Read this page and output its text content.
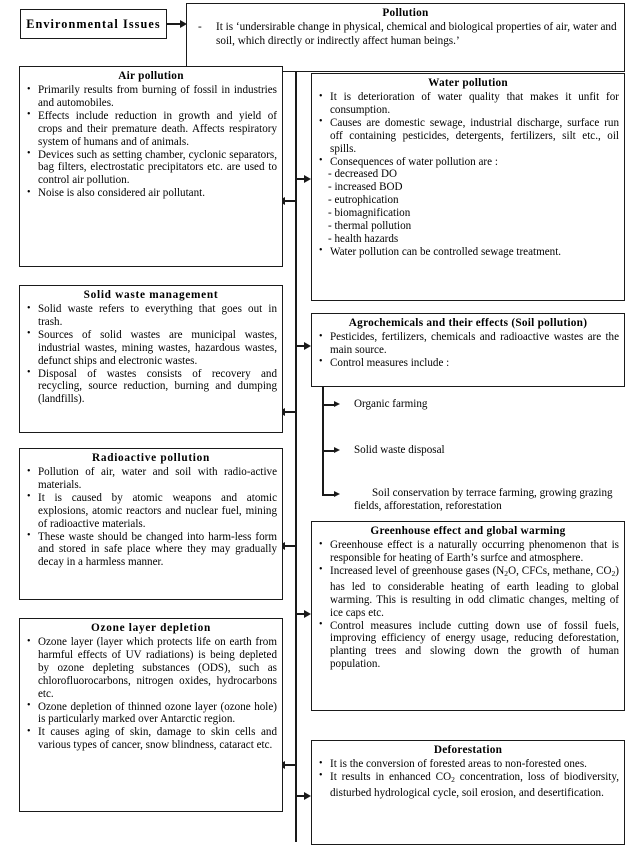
Environmental Issues
Pollution
- It is ‘undersirable change in physical, chemical and biological properties of air, water and soil, which directly or indirectly affect human beings.’
Air pollution
• Primarily results from burning of fossil in industries and automobiles.
• Effects include reduction in growth and yield of crops and their premature death. Affects respiratory system of humans and of animals.
• Devices such as setting chamber, cyclonic separators, bag filters, electrostatic precipitators etc. are used to control air pollution.
• Noise is also considered air pollutant.
Solid waste management
• Solid waste refers to everything that goes out in trash.
• Sources of solid wastes are municipal wastes, industrial wastes, mining wastes, hazardous wastes, defunct ships and electronic wastes.
• Disposal of wastes consists of recovery and recycling, source reduction, burning and dumping (landfills).
Radioactive pollution
• Pollution of air, water and soil with radio-active materials.
• It is caused by atomic weapons and atomic explosions, atomic reactors and nuclear fuel, mining of radioactive materials.
• These waste should be changed into harm-less form and stored in safe place where they may gradually decay in a harmless manner.
Ozone layer depletion
• Ozone layer (layer which protects life on earth from harmful effects of UV radiations) is being depleted by ozone depleting substances (ODS), such as chlorofluorocarbons, nitrogen oxides, hydrocarbons etc.
• Ozone depletion of thinned ozone layer (ozone hole) is particularly marked over Antarctic region.
• It causes aging of skin, damage to skin cells and various types of cancer, snow blindness, cataract etc.
Water pollution
• It is deterioration of water quality that makes it unfit for consumption.
• Causes are domestic sewage, industrial discharge, surface run off containing pesticides, detergents, fertilizers, silt etc., oil spills.
• Consequences of water pollution are :
- decreased DO
- increased BOD
- eutrophication
- biomagnification
- thermal pollution
- health hazards
• Water pollution can be controlled sewage treatment.
Agrochemicals and their effects (Soil pollution)
• Pesticides, fertilizers, chemicals and radioactive wastes are the main source.
• Control measures include :
Organic farming
Solid waste disposal
Soil conservation by terrace farming, growing grazing fields, afforestation, reforestation
Greenhouse effect and global warming
• Greenhouse effect is a naturally occurring phenomenon that is responsible for heating of Earth’s surfce and atmosphere.
• Increased level of greenhouse gases ($N_2O$, CFCs, methane, $CO_2$) has led to considerable heating of earth leading to global warming. This is resulting in odd climatic changes, melting of ice caps etc.
• Control measures include cutting down use of fossil fuels, improving efficiency of energy usage, reducing deforestation, planting trees and slowing down the growth of human population.
Deforestation
• It is the conversion of forested areas to non-forested ones.
• It results in enhanced $CO_2$ concentration, loss of biodiversity, disturbed hydrological cycle, soil erosion, and desertification.
